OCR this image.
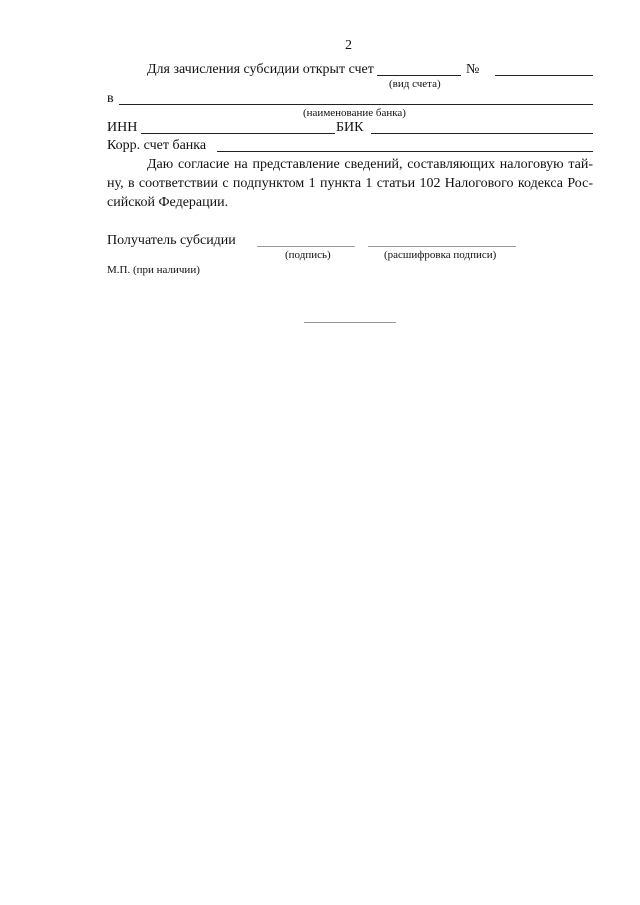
2
Для зачисления субсидии открыт счет	№
(вид счета)
в
(наименование банка)
ИНН	БИК
Корр. счет банка
Даю согласие на представление сведений, составляющих налоговую тайну, в соответствии с подпунктом 1 пункта 1 статьи 102 Налогового кодекса Российской Федерации.
Получатель субсидии
(подпись)	(расшифровка подписи)
М.П. (при наличии)
